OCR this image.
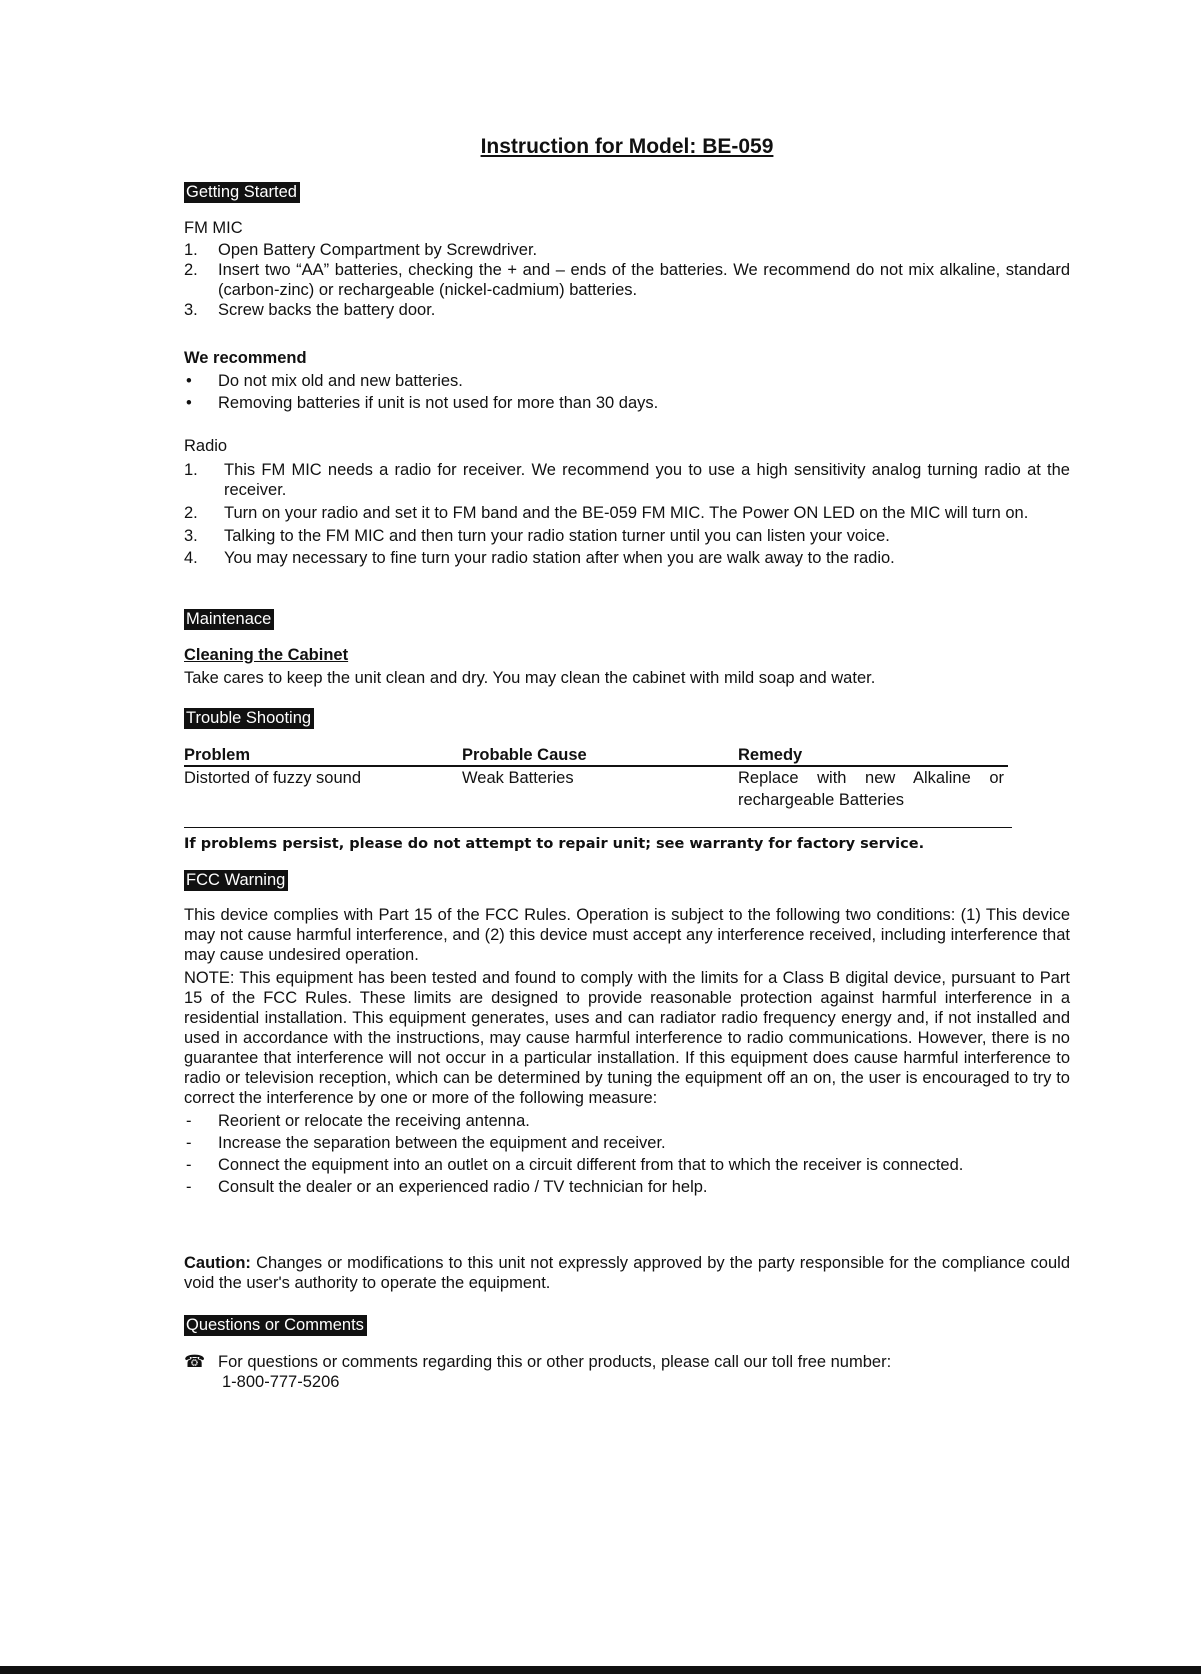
Instruction for Model: BE-059
Getting Started
FM MIC
1. Open Battery Compartment by Screwdriver.
2. Insert two “AA” batteries, checking the + and – ends of the batteries. We recommend do not mix alkaline, standard (carbon-zinc) or rechargeable (nickel-cadmium) batteries.
3. Screw backs the battery door.
We recommend
• Do not mix old and new batteries.
• Removing batteries if unit is not used for more than 30 days.
Radio
1. This FM MIC needs a radio for receiver. We recommend you to use a high sensitivity analog turning radio at the receiver.
2. Turn on your radio and set it to FM band and the BE-059 FM MIC. The Power ON LED on the MIC will turn on.
3. Talking to the FM MIC and then turn your radio station turner until you can listen your voice.
4. You may necessary to fine turn your radio station after when you are walk away to the radio.
Maintenace
Cleaning the Cabinet
Take cares to keep the unit clean and dry. You may clean the cabinet with mild soap and water.
Trouble Shooting
Problem	Probable Cause	Remedy
Distorted of fuzzy sound	Weak Batteries	Replace with new Alkaline or rechargeable Batteries
If problems persist, please do not attempt to repair unit; see warranty for factory service.
FCC Warning

This device complies with Part 15 of the FCC Rules. Operation is subject to the following two conditions: (1) This device may not cause harmful interference, and (2) this device must accept any interference received, including interference that may cause undesired operation.

NOTE: This equipment has been tested and found to comply with the limits for a Class B digital device, pursuant to Part 15 of the FCC Rules. These limits are designed to provide reasonable protection against harmful interference in a residential installation. This equipment generates, uses and can radiator radio frequency energy and, if not installed and used in accordance with the instructions, may cause harmful interference to radio communications. However, there is no guarantee that interference will not occur in a particular installation. If this equipment does cause harmful interference to radio or television reception, which can be determined by tuning the equipment off an on, the user is encouraged to try to correct the interference by one or more of the following measure:

- Reorient or relocate the receiving antenna.
- Increase the separation between the equipment and receiver.
- Connect the equipment into an outlet on a circuit different from that to which the receiver is connected.
- Consult the dealer or an experienced radio / TV technician for help.

Caution: Changes or modifications to this unit not expressly approved by the party responsible for the compliance could void the user's authority to operate the equipment.

Questions or Comments
☎ For questions or comments regarding this or other products, please call our toll free number:
1-800-777-5206
